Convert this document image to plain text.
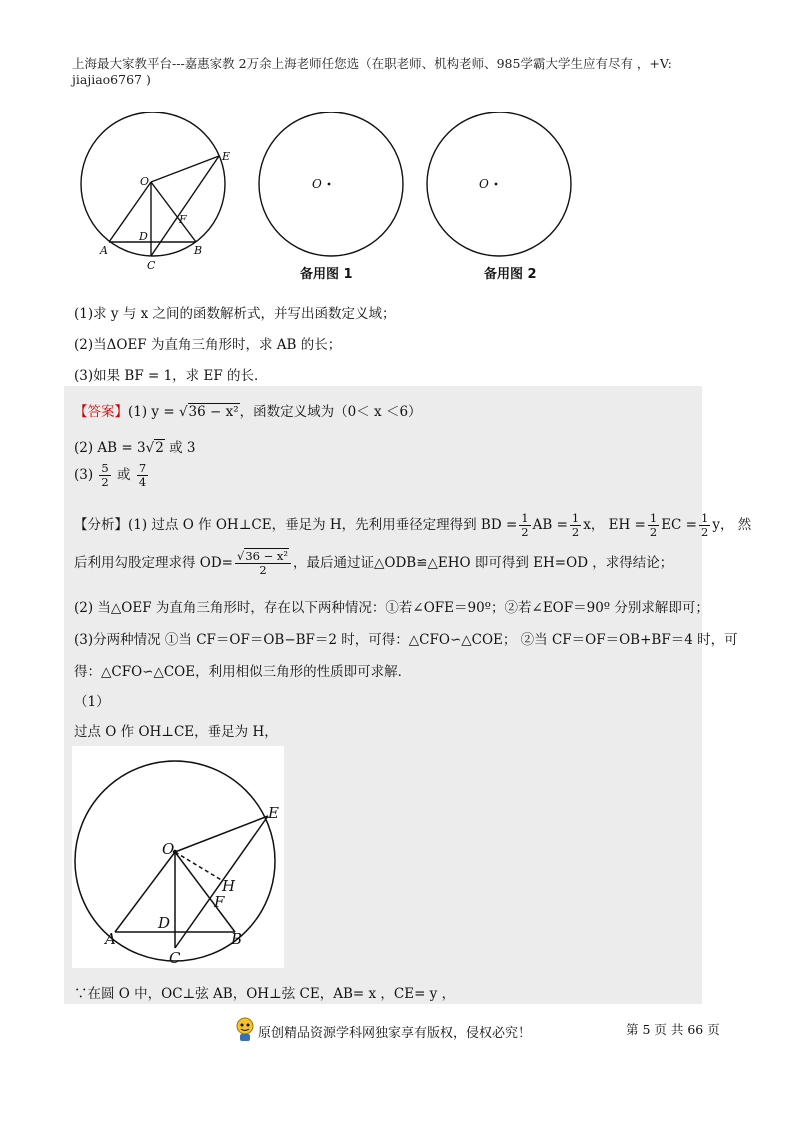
上海最大家教平台---嘉惠家教 2万余上海老师任您选（在职老师、机构老师、985学霸大学生应有尽有 ，+V:
jiajiao6767 )
O
E
F
A
D
B
C
O
备用图 1
O
备用图 2
(1)求 y 与 x 之间的函数解析式，并写出函数定义域；
(2)当ΔOEF 为直角三角形时，求 AB 的长；
(3)如果 BF = 1，求 EF 的长．
【答案】(1) y = √36 − x²，函数定义域为（0＜ x ＜6）
(2) AB = 3√2 或 3
$(3) \frac{5}{2}$ 或 $\frac{7}{4}$
【分析】(1) 过点 O 作 OH⊥CE，垂足为 H，先利用垂径定理得到 BD = $\frac{1}{2}$ AB = $\frac{1}{2}$ x， EH = $\frac{1}{2}$ EC = $\frac{1}{2}$ y， 然
后利用勾股定理求得 $OD= \frac{\text{√36 − x²}}{2}$ ，最后通过证△ODB≌△EHO 即可得到 EH=OD ，求得结论；
(2) 当△OEF 为直角三角形时，存在以下两种情况：①若∠OFE＝90º；②若∠EOF＝90º 分别求解即可；
(3)分两种情况 ①当 CF＝OF＝OB−BF＝2 时，可得：△CFO∽△COE； ②当 CF＝OF＝OB+BF＝4 时，可
得：△CFO∽△COE，利用相似三角形的性质即可求解．
（1）
过点 O 作 OH⊥CE，垂足为 H，
O
E
H
F
A
D
B
C
∵在圆 O 中，OC⊥弦 AB，OH⊥弦 CE，AB= x ，CE= y ，
原创精品资源学科网独家享有版权，侵权必究！	第 5 页 共 66 页
